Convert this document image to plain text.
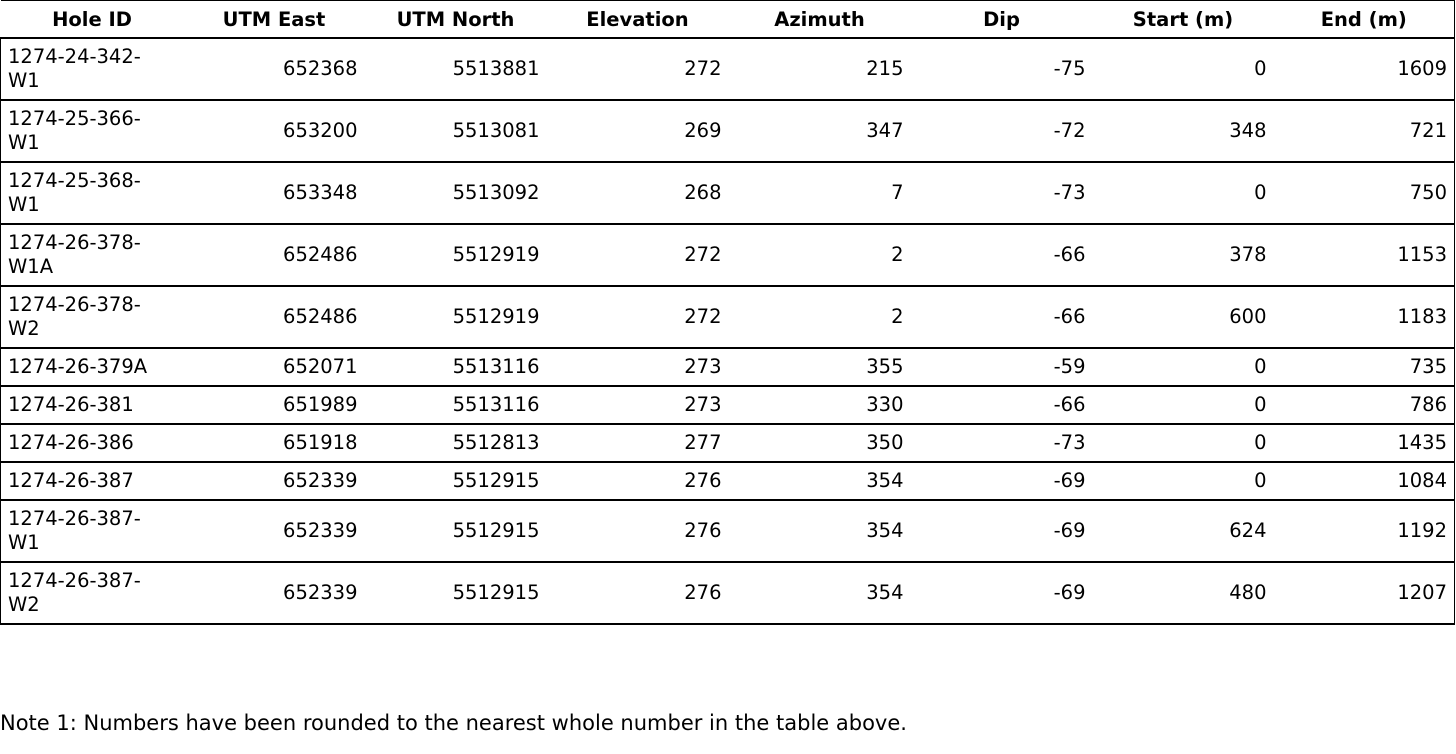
Hole ID	UTM East	UTM North	Elevation	Azimuth	Dip	Start (m)	End (m)
1274-24-342-
W1	652368	5513881	272	215	-75	0	1609
1274-25-366-
W1	653200	5513081	269	347	-72	348	721
1274-25-368-
W1	653348	5513092	268	7	-73	0	750
1274-26-378-
W1A	652486	5512919	272	2	-66	378	1153
1274-26-378-
W2	652486	5512919	272	2	-66	600	1183
1274-26-379A	652071	5513116	273	355	-59	0	735
1274-26-381	651989	5513116	273	330	-66	0	786
1274-26-386	651918	5512813	277	350	-73	0	1435
1274-26-387	652339	5512915	276	354	-69	0	1084
1274-26-387-
W1	652339	5512915	276	354	-69	624	1192
1274-26-387-
W2	652339	5512915	276	354	-69	480	1207
Note 1: Numbers have been rounded to the nearest whole number in the table above.
